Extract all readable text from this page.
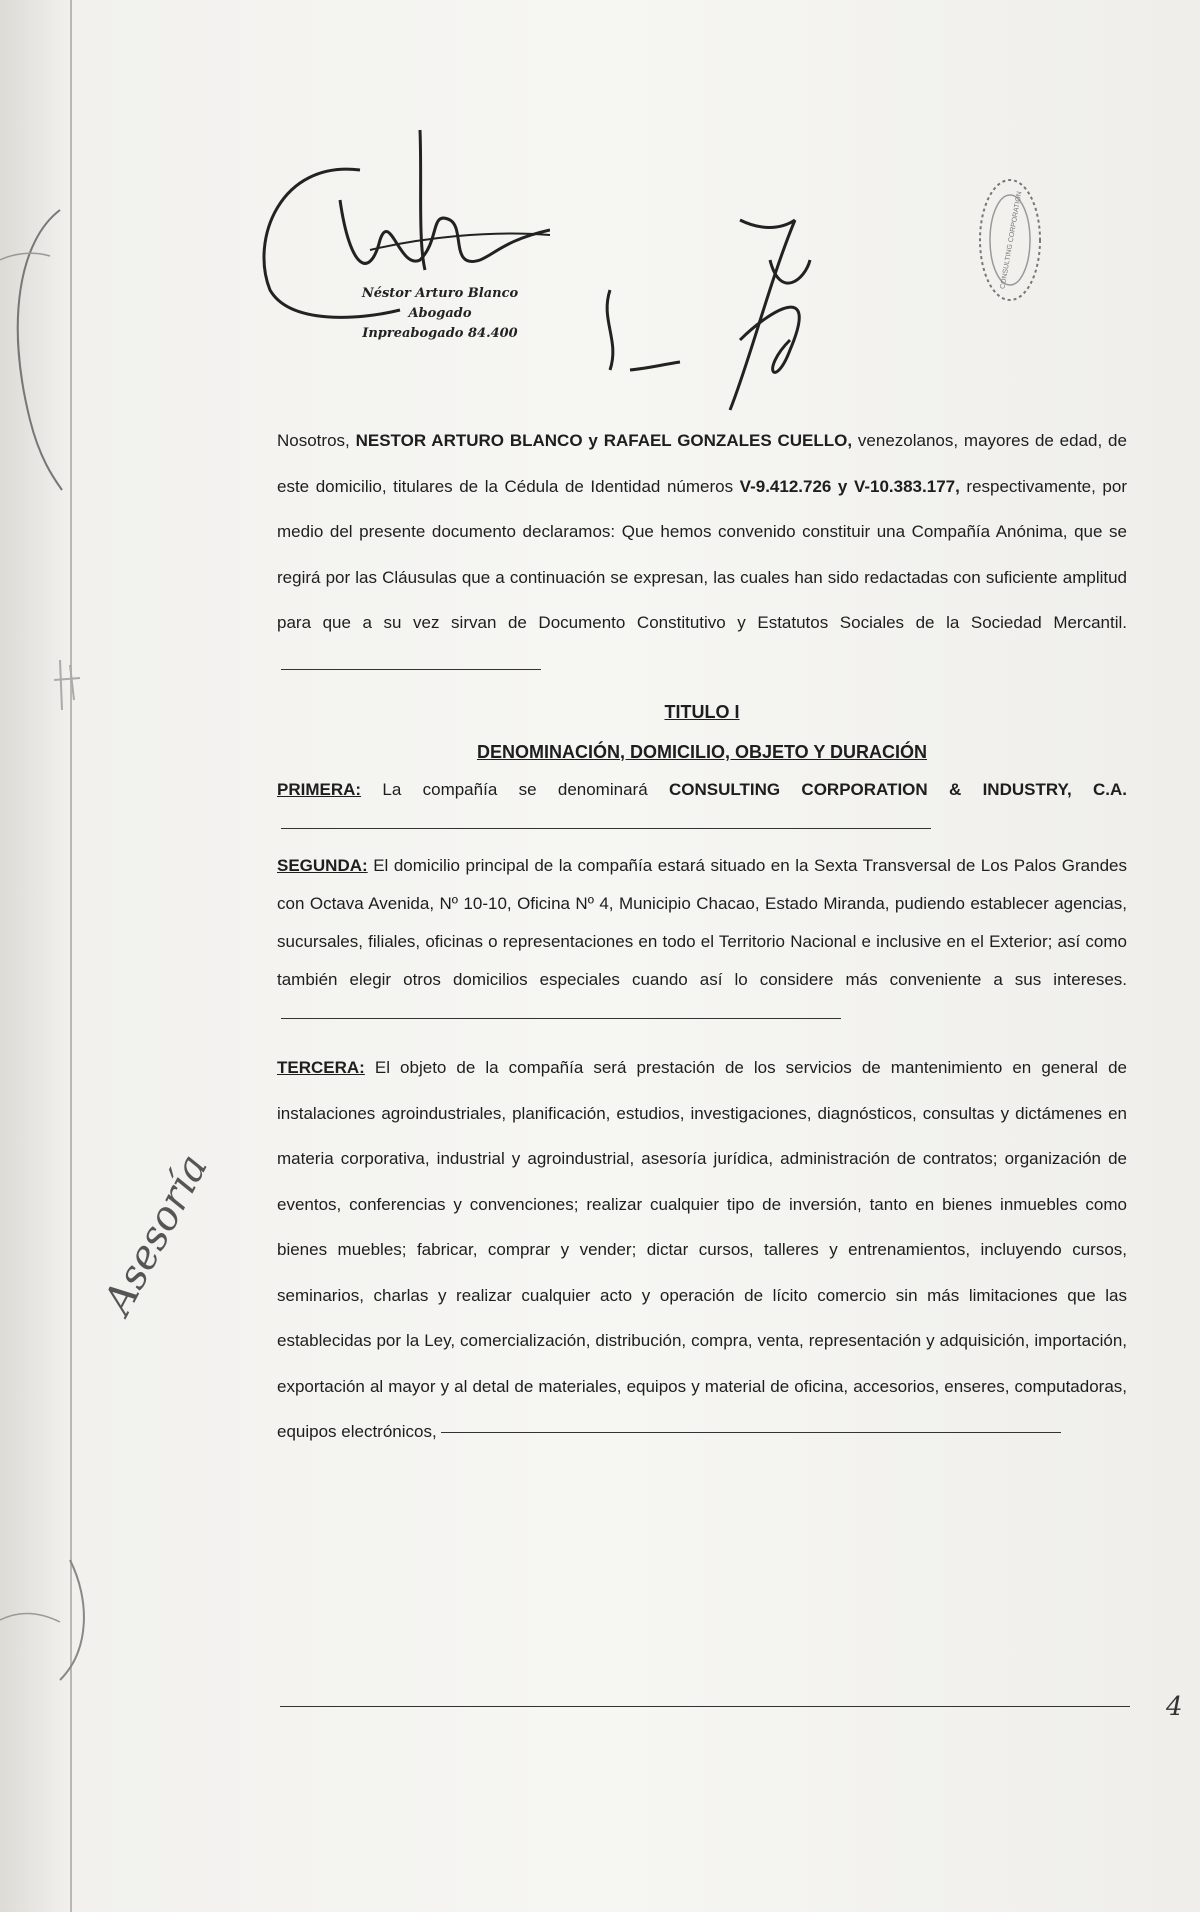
Asesoría
Néstor Arturo Blanco
Abogado
Inpreabogado 84.400
CONSULTING CORPORATION

Nosotros, NESTOR ARTURO BLANCO y RAFAEL GONZALES CUELLO, venezolanos, mayores de edad, de este domicilio, titulares de la Cédula de Identidad números V-9.412.726 y V-10.383.177, respectivamente, por medio del presente documento declaramos: Que hemos convenido constituir una Compañía Anónima, que se regirá por las Cláusulas que a continuación se expresan, las cuales han sido redactadas con suficiente amplitud para que a su vez sirvan de Documento Constitutivo y Estatutos Sociales de la Sociedad Mercantil.

TITULO I

DENOMINACIÓN, DOMICILIO, OBJETO Y DURACIÓN

PRIMERA: La compañía se denominará CONSULTING CORPORATION & INDUSTRY, C.A.

SEGUNDA: El domicilio principal de la compañía estará situado en la Sexta Transversal de Los Palos Grandes con Octava Avenida, Nº 10-10, Oficina Nº 4, Municipio Chacao, Estado Miranda, pudiendo establecer agencias, sucursales, filiales, oficinas o representaciones en todo el Territorio Nacional e inclusive en el Exterior; así como también elegir otros domicilios especiales cuando así lo considere más conveniente a sus intereses.

TERCERA: El objeto de la compañía será prestación de los servicios de mantenimiento en general de instalaciones agroindustriales, planificación, estudios, investigaciones, diagnósticos, consultas y dictámenes en materia corporativa, industrial y agroindustrial, asesoría jurídica, administración de contratos; organización de eventos, conferencias y convenciones; realizar cualquier tipo de inversión, tanto en bienes inmuebles como bienes muebles; fabricar, comprar y vender; dictar cursos, talleres y entrenamientos, incluyendo cursos, seminarios, charlas y realizar cualquier acto y operación de lícito comercio sin más limitaciones que las establecidas por la Ley, comercialización, distribución, compra, venta, representación y adquisición, importación, exportación al mayor y al detal de materiales, equipos y material de oficina, accesorios, enseres, computadoras, equipos electrónicos,

4
